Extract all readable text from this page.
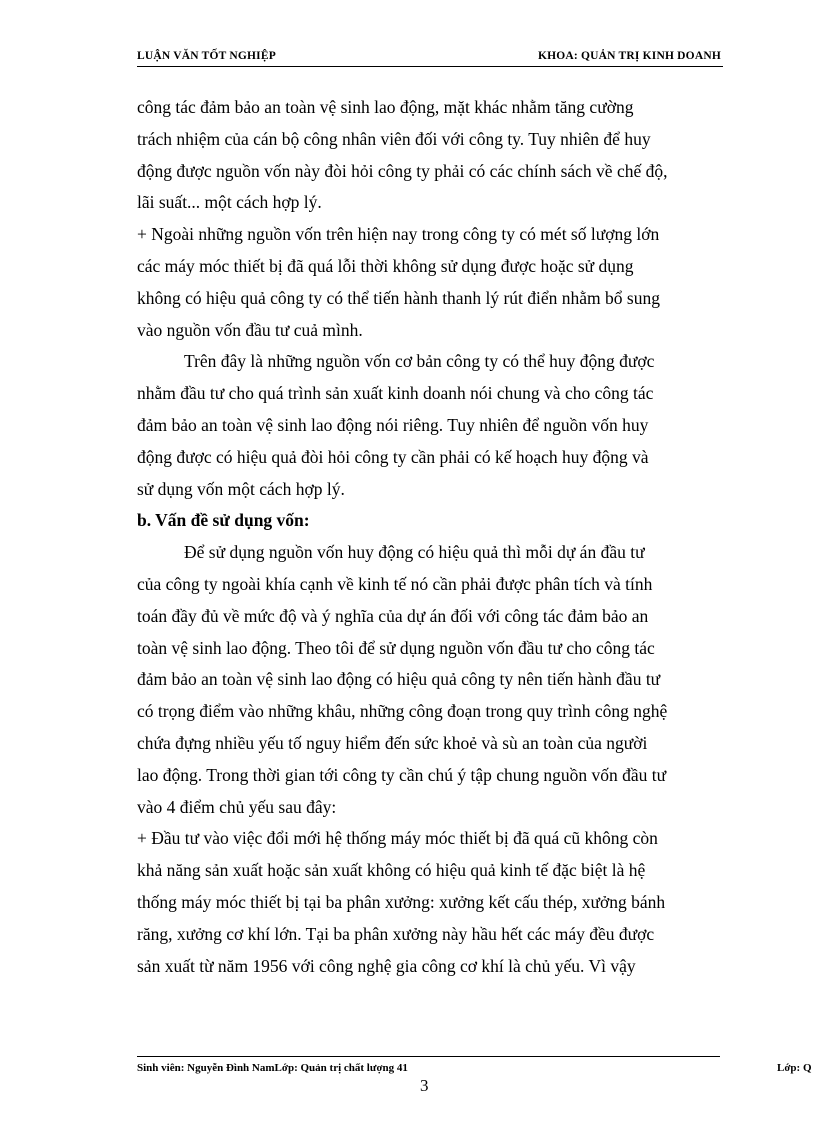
LUẬN VĂN TỐT NGHIỆP	KHOA: QUẢN TRỊ KINH DOANH

công tác đảm bảo an toàn vệ sinh lao động, mặt khác nhằm tăng cường
trách nhiệm của cán bộ công nhân viên đối với công ty. Tuy nhiên để huy
động được nguồn vốn này đòi hỏi công ty phải có các chính sách về chế độ,
lãi suất... một cách hợp lý.

+ Ngoài những nguồn vốn trên hiện nay trong công ty có mét số lượng lớn
các máy móc thiết bị đã quá lỗi thời không sử dụng được hoặc sử dụng
không có hiệu quả công ty có thể tiến hành thanh lý rút điển nhằm bổ sung
vào nguồn vốn đầu tư cuả mình.

Trên đây là những nguồn vốn cơ bản công ty có thể huy động được
nhằm đầu tư cho quá trình sản xuất kinh doanh nói chung và cho công tác
đảm bảo an toàn vệ sinh lao động nói riêng. Tuy nhiên để nguồn vốn huy
động được có hiệu quả đòi hỏi công ty cần phải có kế hoạch huy động và
sử dụng vốn một cách hợp lý.

b. Vấn đề sử dụng vốn:

Để sử dụng nguồn vốn huy động có hiệu quả thì mỗi dự án đầu tư
của công ty ngoài khía cạnh về kinh tế nó cần phải được phân tích và tính
toán đầy đủ về mức độ và ý nghĩa của dự án đối với công tác đảm bảo an
toàn vệ sinh lao động. Theo tôi để sử dụng nguồn vốn đầu tư cho công tác
đảm bảo an toàn vệ sinh lao động có hiệu quả công ty nên tiến hành đầu tư
có trọng điểm vào những khâu, những công đoạn trong quy trình công nghệ
chứa đựng nhiều yếu tố nguy hiểm đến sức khoẻ và sù an toàn của người
lao động. Trong thời gian tới công ty cần chú ý tập chung nguồn vốn đầu tư
vào 4 điểm chủ yếu sau đây:

+ Đầu tư vào việc đổi mới hệ thống máy móc thiết bị đã quá cũ không còn
khả năng sản xuất hoặc sản xuất không có hiệu quả kinh tế đặc biệt là hệ
thống máy móc thiết bị tại ba phân xưởng: xưởng kết cấu thép, xưởng bánh
răng, xưởng cơ khí lớn. Tại ba phân xưởng này hầu hết các máy đều được
sản xuất từ năm 1956 với công nghệ gia công cơ khí là chủ yếu. Vì vậy

Sinh viên: Nguyễn Đình NamLớp: Quản trị chất lượng 41	Lớp: Q
3
